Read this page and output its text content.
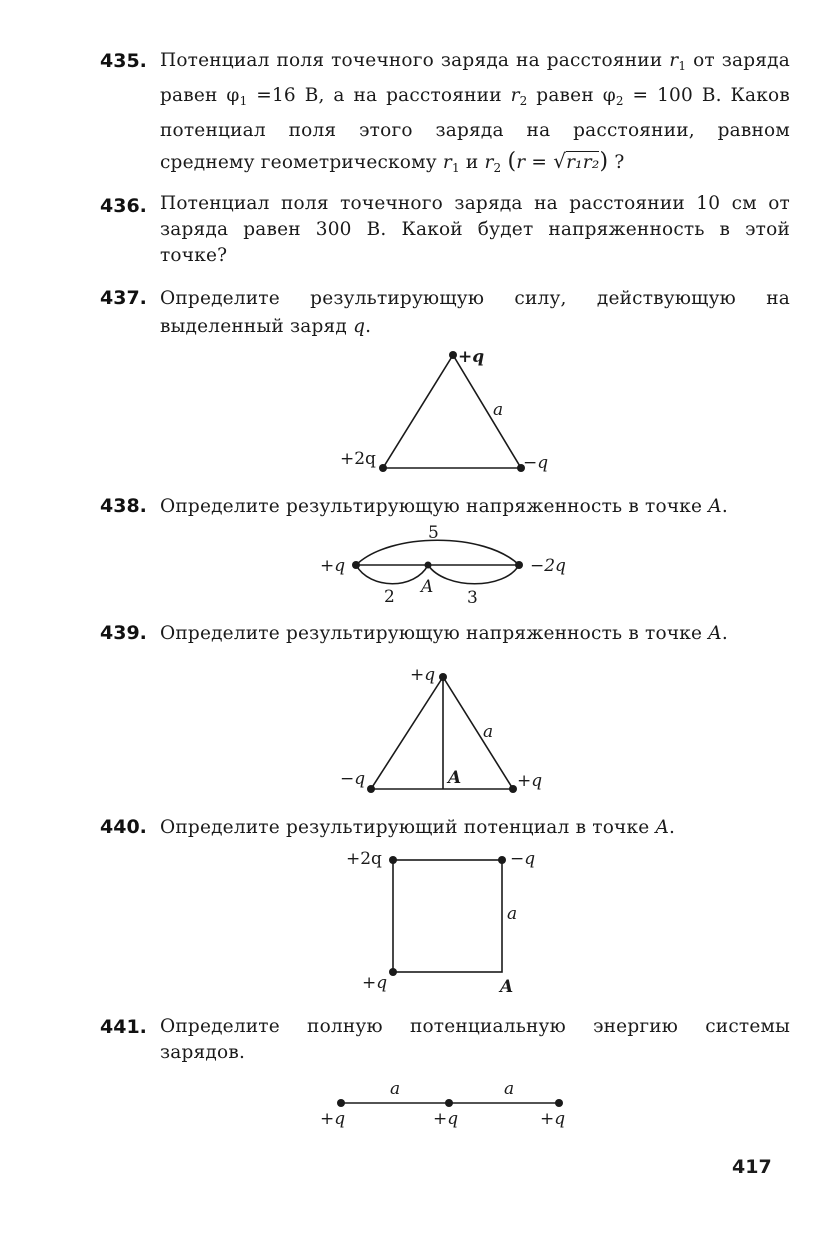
435. Потенциал поля точечного заряда на расстоянии $r_1$ от заряда равен $\varphi_1 =16$ В, а на расстоянии $r_2$ равен $\varphi_2 = 100$ В. Каков потенциал поля этого заряда на расстоянии, равном среднему геометрическому $r_1$ и $r_2$ (r = √r₁r₂) ?

436. Потенциал поля точечного заряда на расстоянии 10 см от заряда равен 300 В. Какой будет напряженность в этой точке?

437. Определите результирующую силу, действующую на выделенный заряд q.

+q
a
+2q	−q
438. Определите результирующую напряженность в точке A.

+q	−2q
A
5
2	3
439. Определите результирующую напряженность в точке A.

+q
a
−q	+q
A
440. Определите результирующий потенциал в точке A.

+2q	−q
a
+q	A
441. Определите полную потенциальную энергию системы зарядов.

a	a
+q	+q	+q
417
